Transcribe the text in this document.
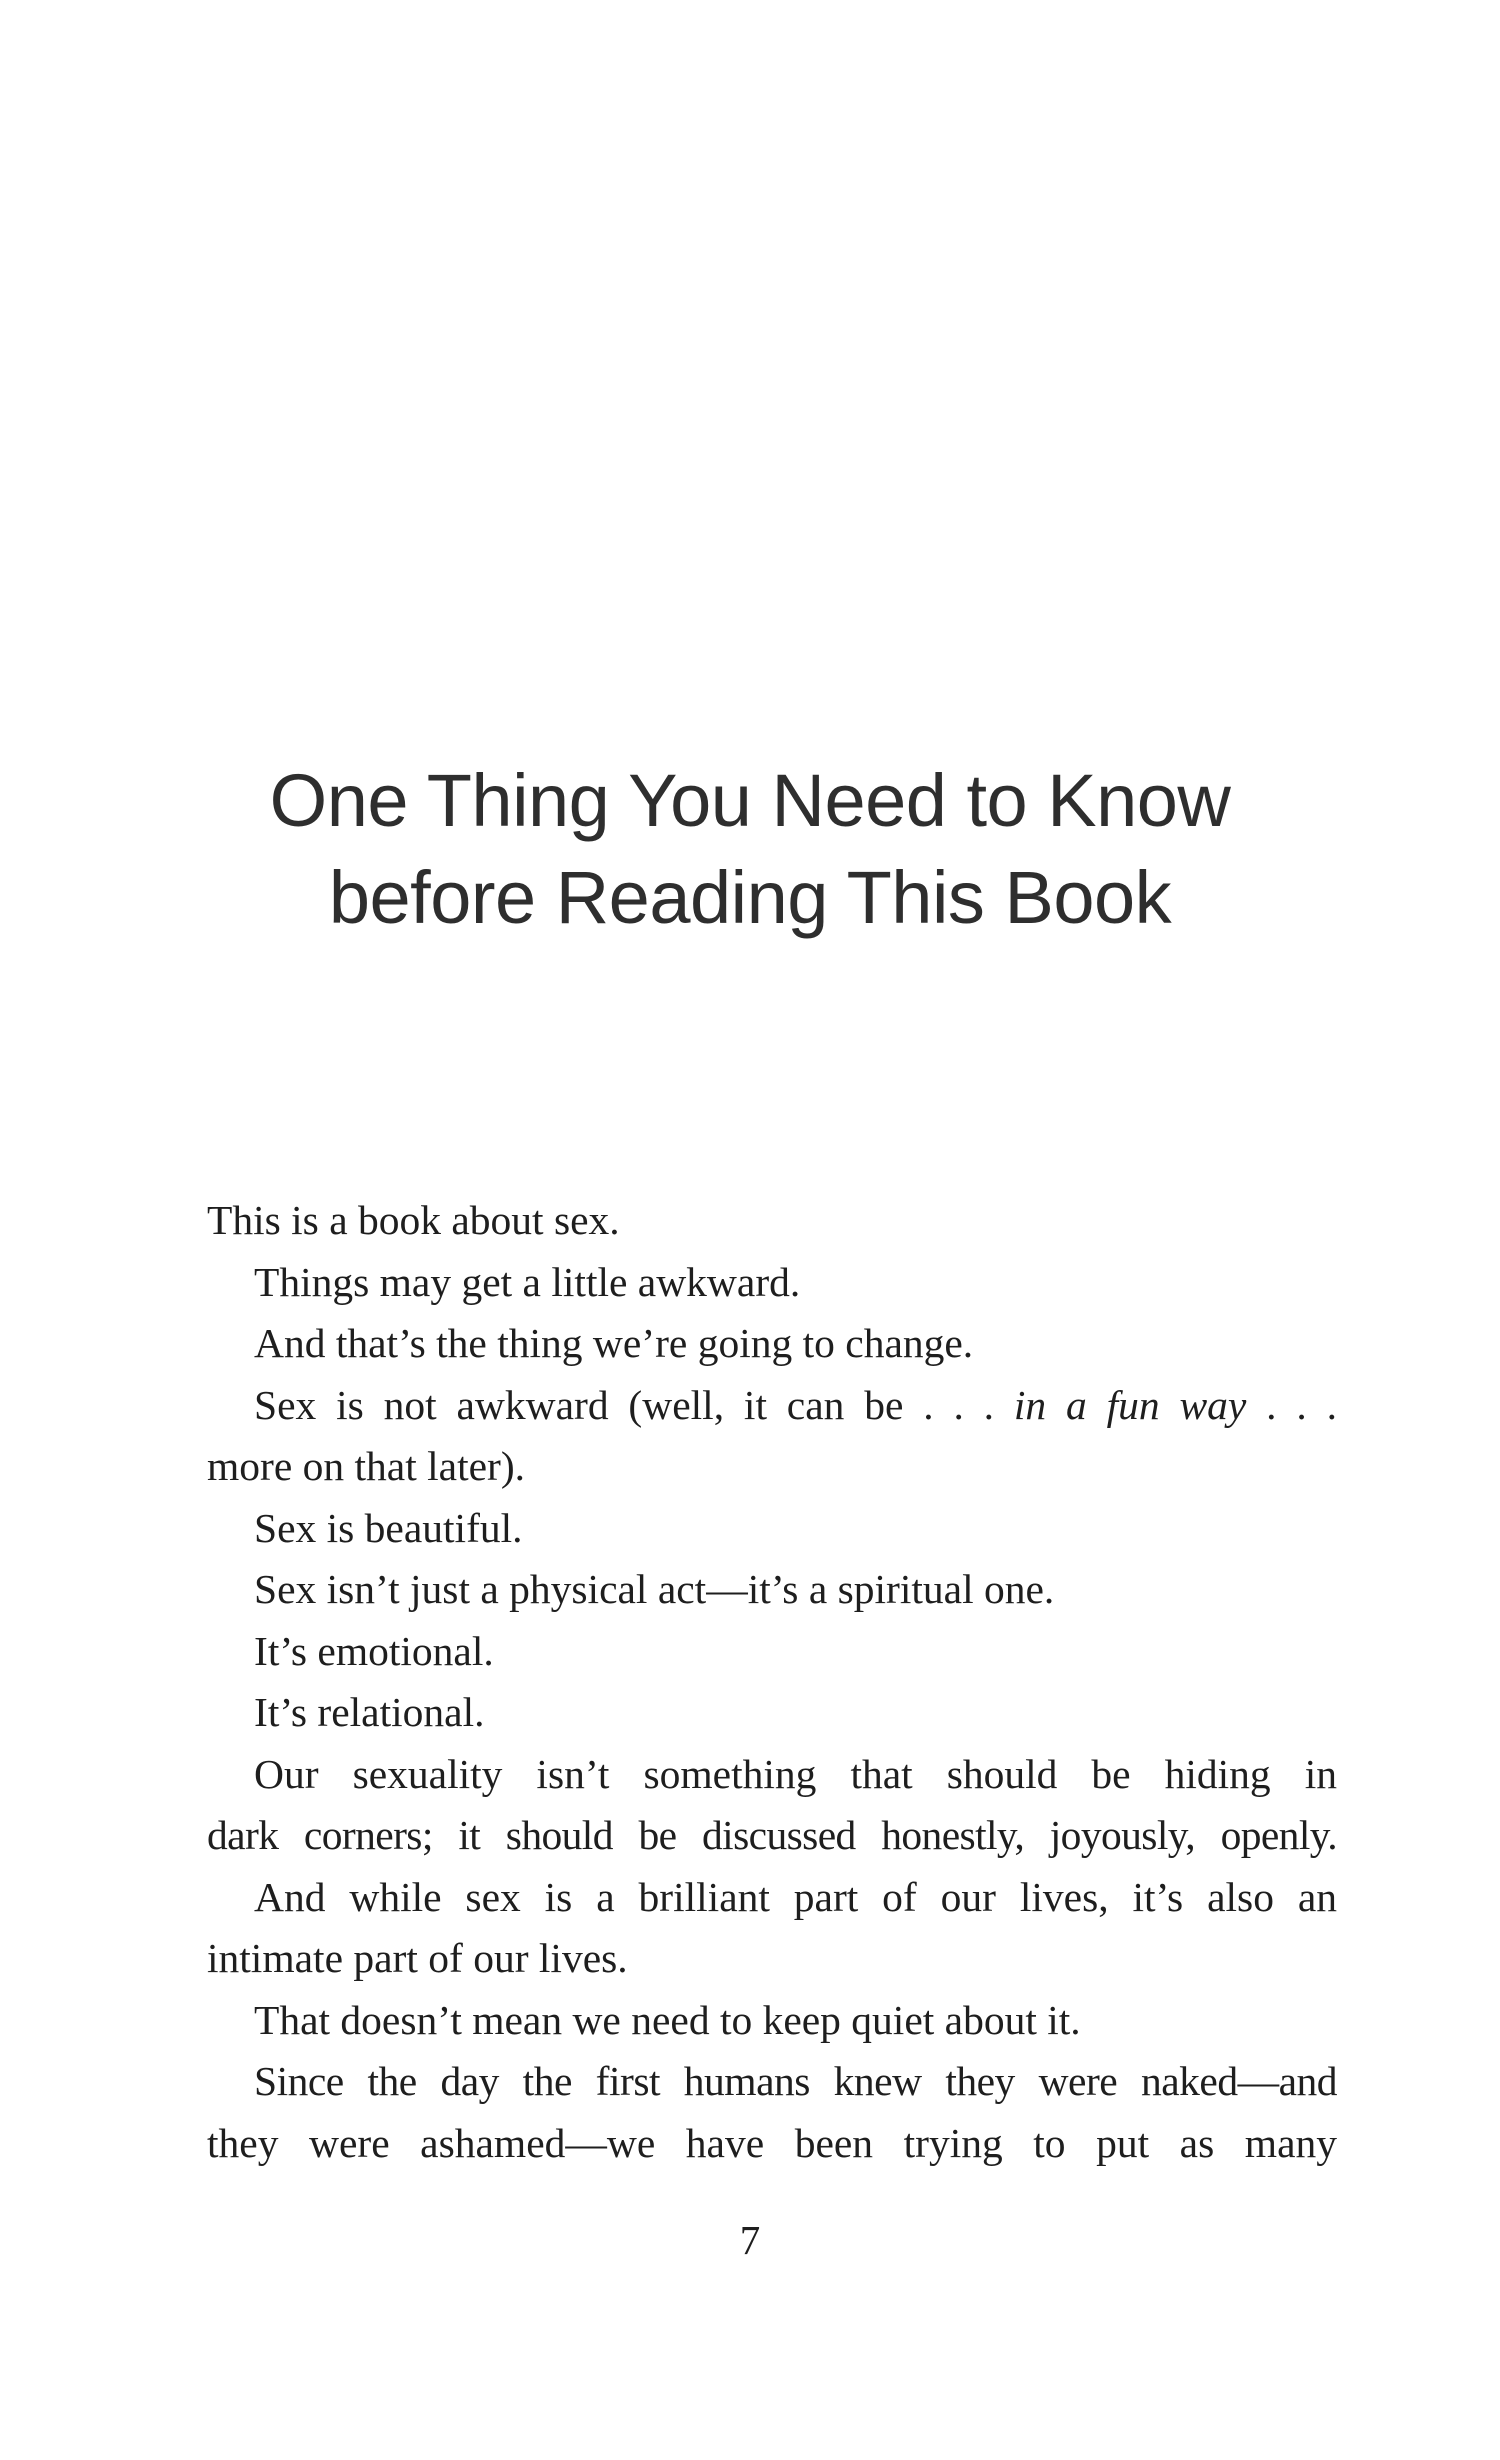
One Thing You Need to Know
before Reading This Book
This is a book about sex.
Things may get a little awkward.
And that’s the thing we’re going to change.
Sex is not awkward (well, it can be . . . in a fun way . . .
more on that later).
Sex is beautiful.
Sex isn’t just a physical act—it’s a spiritual one.
It’s emotional.
It’s relational.
Our sexuality isn’t something that should be hiding in
dark corners; it should be discussed honestly, joyously, openly.
And while sex is a brilliant part of our lives, it’s also an
intimate part of our lives.
That doesn’t mean we need to keep quiet about it.
Since the day the first humans knew they were naked—and
they were ashamed—we have been trying to put as many
7
